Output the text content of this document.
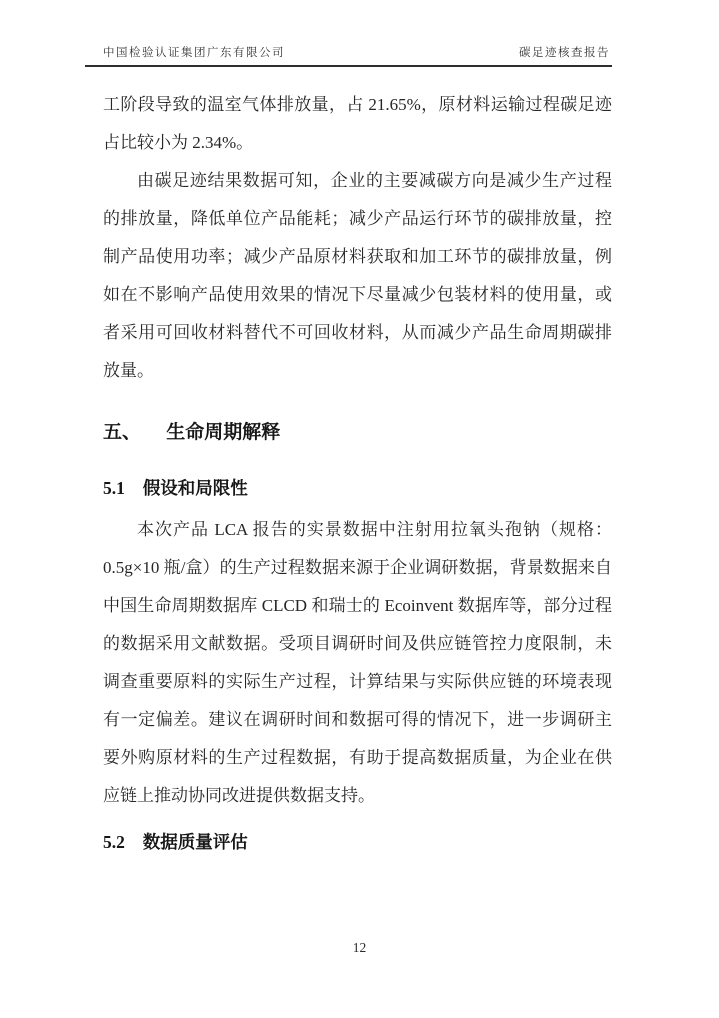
中国检验认证集团广东有限公司	碳足迹核查报告

工阶段导致的温室气体排放量，占 21.65%，原材料运输过程碳足迹占比较小为 2.34%。

由碳足迹结果数据可知，企业的主要减碳方向是减少生产过程的排放量，降低单位产品能耗；减少产品运行环节的碳排放量，控制产品使用功率；减少产品原材料获取和加工环节的碳排放量，例如在不影响产品使用效果的情况下尽量减少包装材料的使用量，或者采用可回收材料替代不可回收材料，从而减少产品生命周期碳排放量。

五、 生命周期解释
5.1 假设和局限性

本次产品 LCA 报告的实景数据中注射用拉氧头孢钠（规格：0.5g×10 瓶/盒）的生产过程数据来源于企业调研数据，背景数据来自中国生命周期数据库 CLCD 和瑞士的 Ecoinvent 数据库等，部分过程的数据采用文献数据。受项目调研时间及供应链管控力度限制，未调查重要原料的实际生产过程，计算结果与实际供应链的环境表现有一定偏差。建议在调研时间和数据可得的情况下，进一步调研主要外购原材料的生产过程数据，有助于提高数据质量，为企业在供应链上推动协同改进提供数据支持。

5.2 数据质量评估
12
